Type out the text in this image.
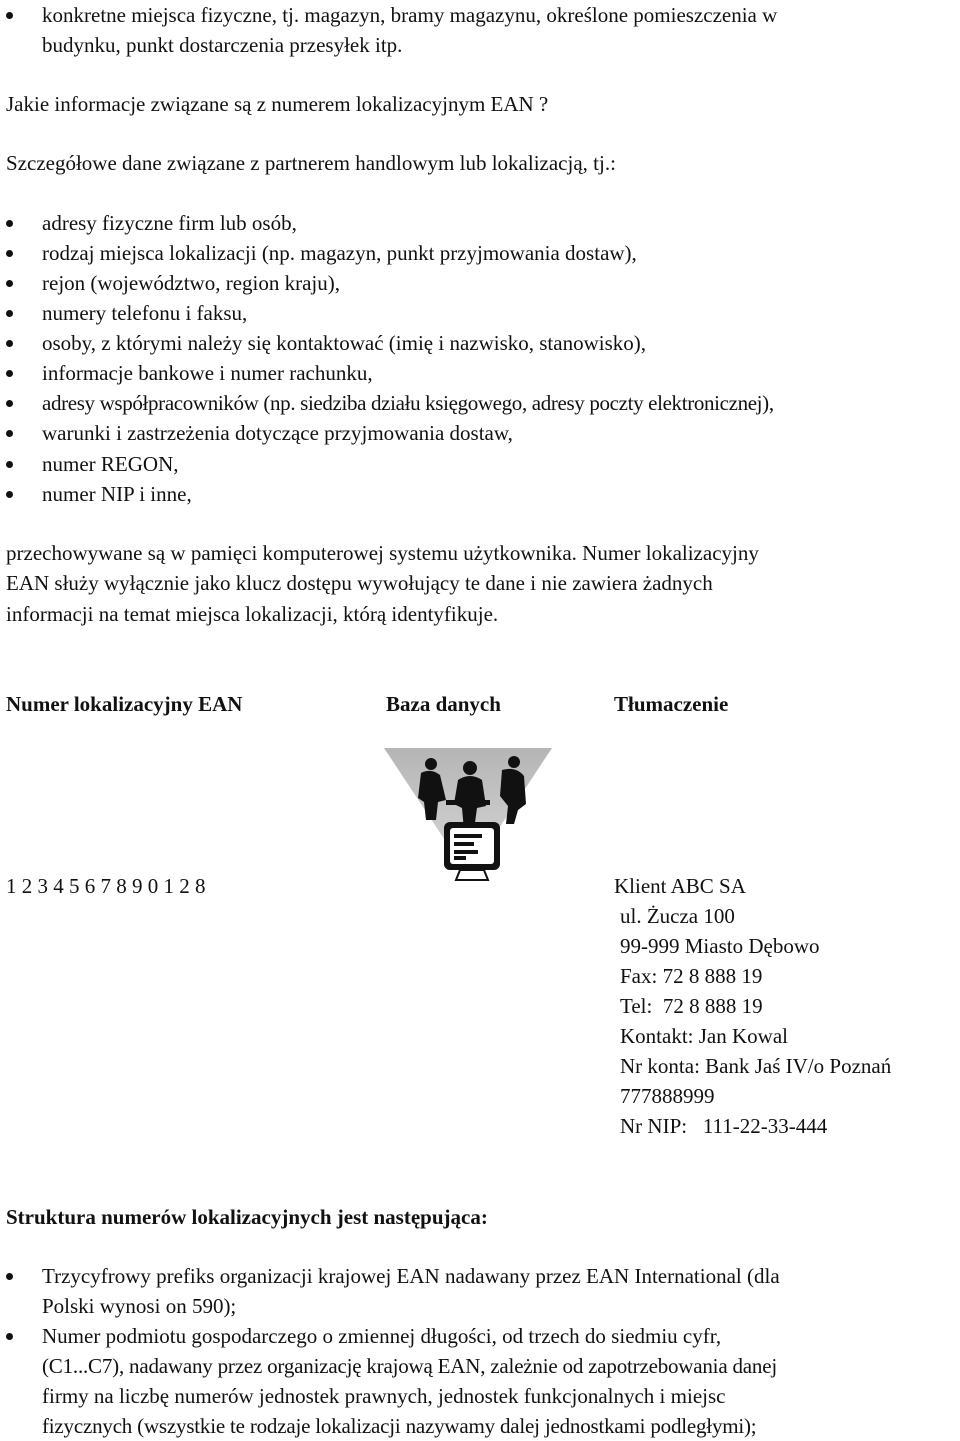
konkretne miejsca fizyczne, tj. magazyn, bramy magazynu, określone pomieszczenia w
budynku, punkt dostarczenia przesyłek itp.
Jakie informacje związane są z numerem lokalizacyjnym EAN ?
Szczegółowe dane związane z partnerem handlowym lub lokalizacją, tj.:
adresy fizyczne firm lub osób,
rodzaj miejsca lokalizacji (np. magazyn, punkt przyjmowania dostaw),
rejon (województwo, region kraju),
numery telefonu i faksu,
osoby, z którymi należy się kontaktować (imię i nazwisko, stanowisko),
informacje bankowe i numer rachunku,
adresy współpracowników (np. siedziba działu księgowego, adresy poczty elektronicznej),
warunki i zastrzeżenia dotyczące przyjmowania dostaw,
numer REGON,
numer NIP i inne,
przechowywane są w pamięci komputerowej systemu użytkownika. Numer lokalizacyjny
EAN służy wyłącznie jako klucz dostępu wywołujący te dane i nie zawiera żadnych
informacji na temat miejsca lokalizacji, którą identyfikuje.
Numer lokalizacyjny EAN	Baza danych	Tłumaczenie
1 2 3 4 5 6 7 8 9 0 1 2 8	Klient ABC SA
ul. Żucza 100
99-999 Miasto Dębowo
Fax: 72 8 888 19
Tel:  72 8 888 19
Kontakt: Jan Kowal
Nr konta: Bank Jaś IV/o Poznań
777888999
Nr NIP:   111-22-33-444
Struktura numerów lokalizacyjnych jest następująca:
Trzycyfrowy prefiks organizacji krajowej EAN nadawany przez EAN International (dla
Polski wynosi on 590);
Numer podmiotu gospodarczego o zmiennej długości, od trzech do siedmiu cyfr,
(C1...C7), nadawany przez organizację krajową EAN, zależnie od zapotrzebowania danej
firmy na liczbę numerów jednostek prawnych, jednostek funkcjonalnych i miejsc
fizycznych (wszystkie te rodzaje lokalizacji nazywamy dalej jednostkami podległymi);
